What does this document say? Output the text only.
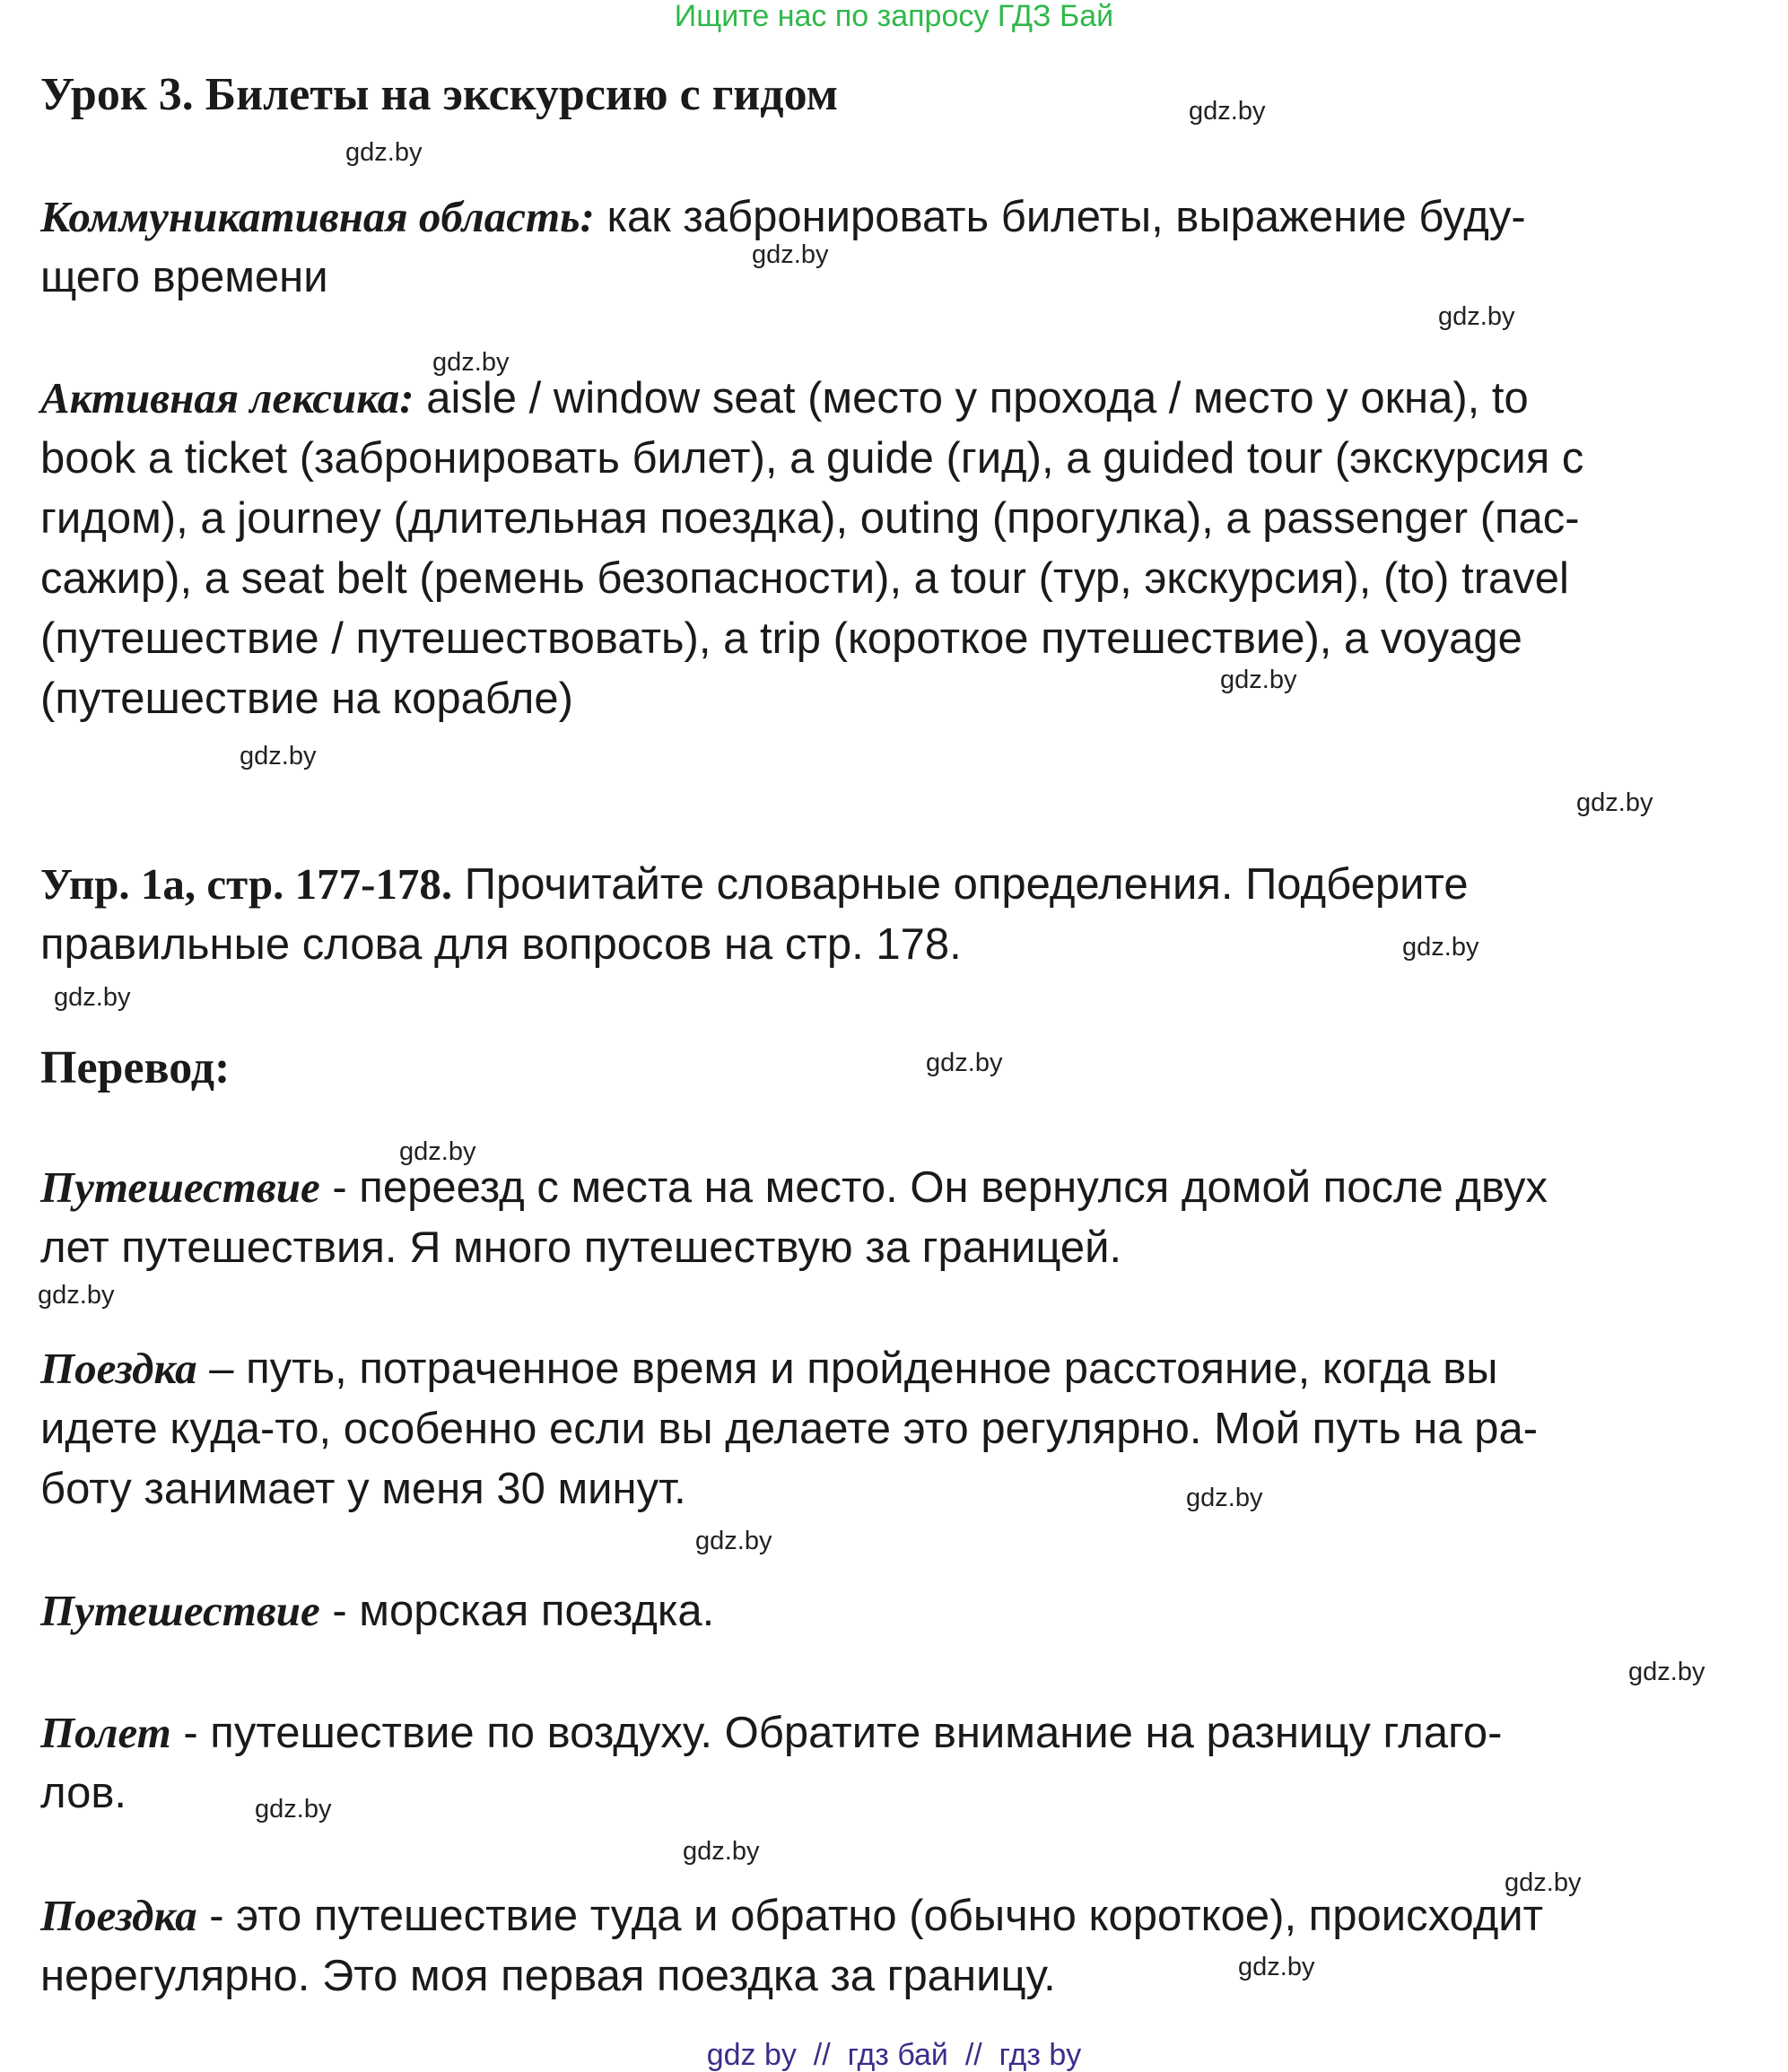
Ищите нас по запросу ГДЗ Бай
Урок 3. Билеты на экскурсию с гидом
Коммуникативная область: как забронировать билеты, выражение буду-
щего времени
Активная лексика: aisle / window seat (место у прохода / место у окна), to
book a ticket (забронировать билет), a guide (гид), a guided tour (экскурсия с
гидом), a journey (длительная поездка), outing (прогулка), a passenger (пас-
сажир), a seat belt (ремень безопасности), a tour (тур, экскурсия), (to) travel
(путешествие / путешествовать), a trip (короткое путешествие), a voyage
(путешествие на корабле)
Упр. 1а, стр. 177-178. Прочитайте словарные определения. Подберите
правильные слова для вопросов на стр. 178.
Перевод:
Путешествие - переезд с места на место. Он вернулся домой после двух
лет путешествия. Я много путешествую за границей.
Поездка – путь, потраченное время и пройденное расстояние, когда вы
идете куда-то, особенно если вы делаете это регулярно. Мой путь на ра-
боту занимает у меня 30 минут.
Путешествие - морская поездка.
Полет - путешествие по воздуху. Обратите внимание на разницу глаго-
лов.
Поездка - это путешествие туда и обратно (обычно короткое), происходит
нерегулярно. Это моя первая поездка за границу.
gdz.by
gdz.by
gdz.by
gdz.by
gdz.by
gdz.by
gdz.by
gdz.by
gdz.by
gdz.by
gdz.by
gdz.by
gdz.by
gdz.by
gdz.by
gdz.by
gdz.by
gdz.by
gdz.by
gdz.by
gdz by  //  гдз бай  //  гдз by
